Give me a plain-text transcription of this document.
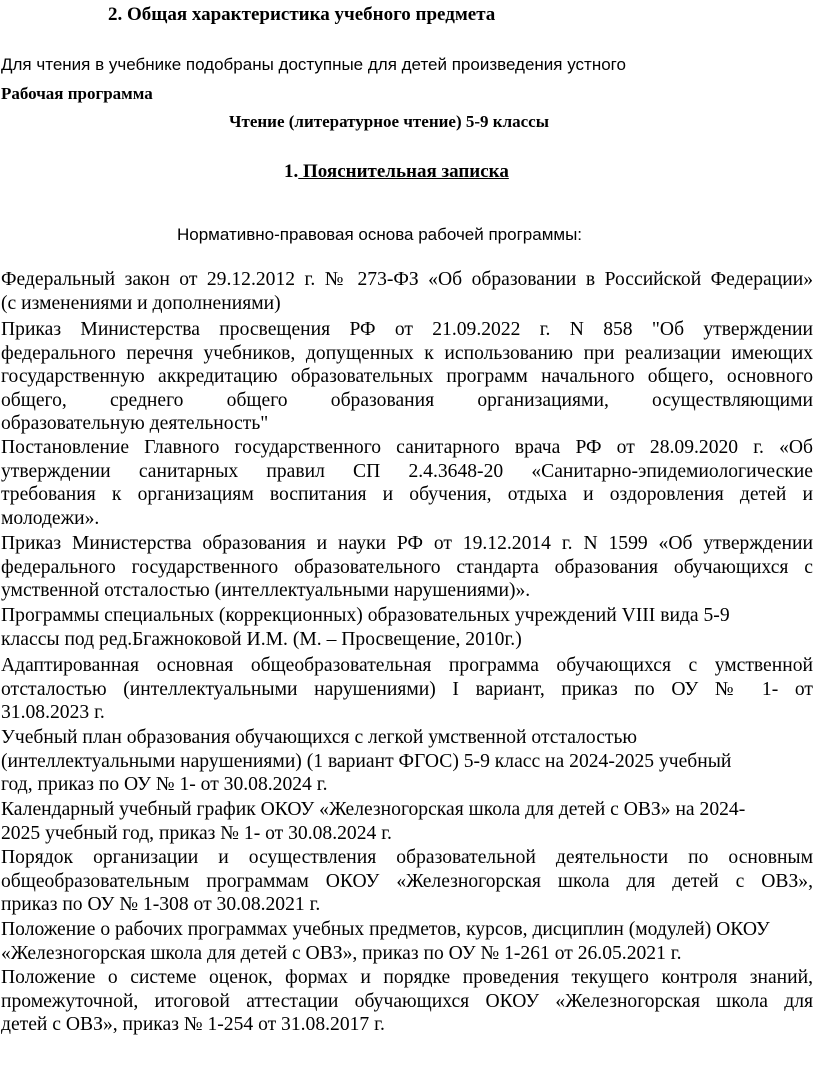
2. Общая характеристика учебного предмета

Для чтения в учебнике подобраны доступные для детей произведения устного

Рабочая программа

Чтение (литературное чтение) 5-9 классы

1. Пояснительная записка

Нормативно-правовая основа рабочей программы:

Федеральный закон от 29.12.2012 г. № 273-ФЗ «Об образовании в Российской Федерации»
(с изменениями и дополнениями)
Приказ Министерства просвещения РФ от 21.09.2022 г. N 858 "Об утверждении
федерального перечня учебников, допущенных к использованию при реализации имеющих
государственную аккредитацию образовательных программ начального общего, основного
общего, среднего общего образования организациями, осуществляющими
образовательную деятельность"
Постановление Главного государственного санитарного врача РФ от 28.09.2020 г. «Об
утверждении санитарных правил СП 2.4.3648-20 «Санитарно-эпидемиологические
требования к организациям воспитания и обучения, отдыха и оздоровления детей и
молодежи».
Приказ Министерства образования и науки РФ от 19.12.2014 г. N 1599 «Об утверждении
федерального государственного образовательного стандарта образования обучающихся с
умственной отсталостью (интеллектуальными нарушениями)».
Программы специальных (коррекционных) образовательных учреждений VIII вида 5-9
классы под ред.Бгажноковой И.М. (М. – Просвещение, 2010г.)
Адаптированная основная общеобразовательная программа обучающихся с умственной
отсталостью (интеллектуальными нарушениями) I вариант, приказ по ОУ № 1- от
31.08.2023 г.
Учебный план образования обучающихся с легкой умственной отсталостью
(интеллектуальными нарушениями) (1 вариант ФГОС) 5-9 класс на 2024-2025 учебный
год, приказ по ОУ № 1- от 30.08.2024 г.
Календарный учебный график ОКОУ «Железногорская школа для детей с ОВЗ» на 2024-
2025 учебный год, приказ № 1- от 30.08.2024 г.
Порядок организации и осуществления образовательной деятельности по основным
общеобразовательным программам ОКОУ «Железногорская школа для детей с ОВЗ»,
приказ по ОУ № 1-308 от 30.08.2021 г.
Положение о рабочих программах учебных предметов, курсов, дисциплин (модулей) ОКОУ
«Железногорская школа для детей с ОВЗ», приказ по ОУ № 1-261 от 26.05.2021 г.
Положение о системе оценок, формах и порядке проведения текущего контроля знаний,
промежуточной, итоговой аттестации обучающихся ОКОУ «Железногорская школа для
детей с ОВЗ», приказ № 1-254 от 31.08.2017 г.
